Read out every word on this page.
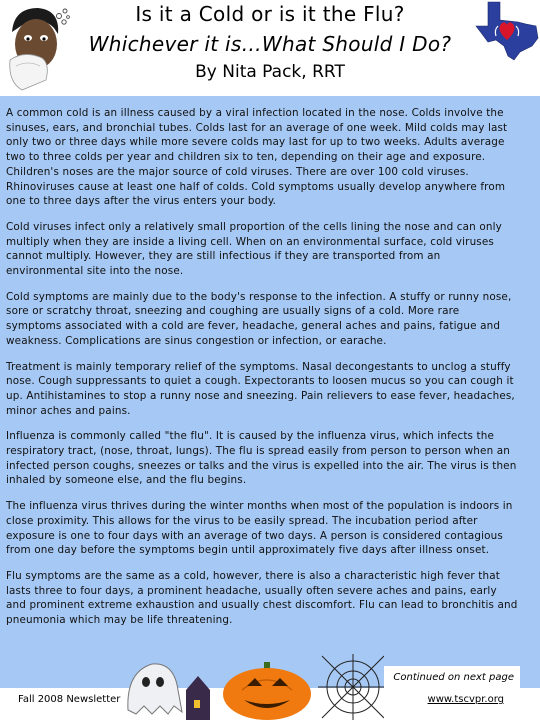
Is it a Cold or is it the Flu?
Whichever it is…What Should I Do?
By Nita Pack, RRT

A common cold is an illness caused by a viral infection located in the nose. Colds involve the sinuses, ears, and bronchial tubes. Colds last for an average of one week. Mild colds may last only two or three days while more severe colds may last for up to two weeks. Adults average two to three colds per year and children six to ten, depending on their age and exposure. Children's noses are the major source of cold viruses. There are over 100 cold viruses. Rhinoviruses cause at least one half of colds. Cold symptoms usually develop anywhere from one to three days after the virus enters your body.

Cold viruses infect only a relatively small proportion of the cells lining the nose and can only multiply when they are inside a living cell. When on an environmental surface, cold viruses cannot multiply. However, they are still infectious if they are transported from an environmental site into the nose.

Cold symptoms are mainly due to the body's response to the infection. A stuffy or runny nose, sore or scratchy throat, sneezing and coughing are usually signs of a cold. More rare symptoms associated with a cold are fever, headache, general aches and pains, fatigue and weakness. Complications are sinus congestion or infection, or earache.

Treatment is mainly temporary relief of the symptoms. Nasal decongestants to unclog a stuffy nose. Cough suppressants to quiet a cough. Expectorants to loosen mucus so you can cough it up. Antihistamines to stop a runny nose and sneezing. Pain relievers to ease fever, headaches, minor aches and pains.

Influenza is commonly called "the flu". It is caused by the influenza virus, which infects the respiratory tract, (nose, throat, lungs). The flu is spread easily from person to person when an infected person coughs, sneezes or talks and the virus is expelled into the air. The virus is then inhaled by someone else, and the flu begins.

The influenza virus thrives during the winter months when most of the population is indoors in close proximity. This allows for the virus to be easily spread. The incubation period after exposure is one to four days with an average of two days. A person is considered contagious from one day before the symptoms begin until approximately five days after illness onset.

Flu symptoms are the same as a cold, however, there is also a characteristic high fever that lasts three to four days, a prominent headache, usually often severe aches and pains, early and prominent extreme exhaustion and usually chest discomfort. Flu can lead to bronchitis and pneumonia which may be life threatening.

Continued on next page
Fall 2008 Newsletter	www.tscvpr.org
